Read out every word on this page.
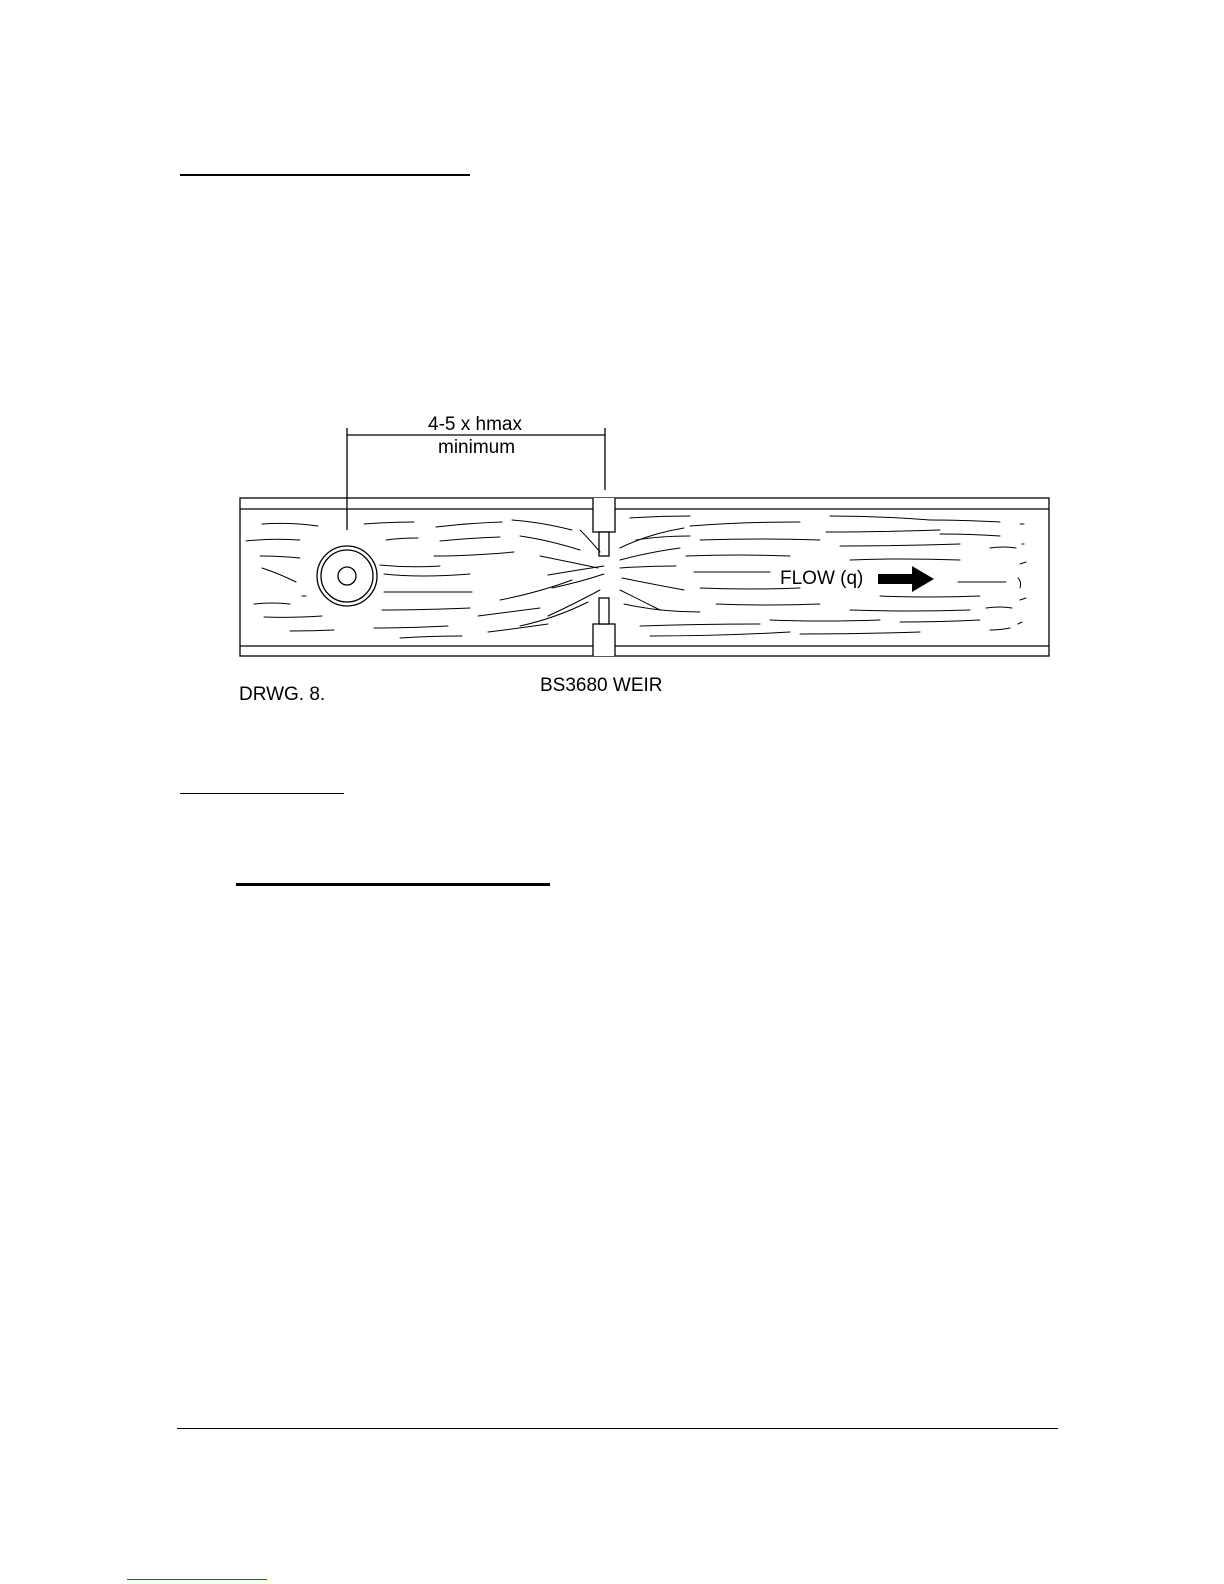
4-5 x hmax
minimum
FLOW (q)
DRWG. 8.	BS3680 WEIR
